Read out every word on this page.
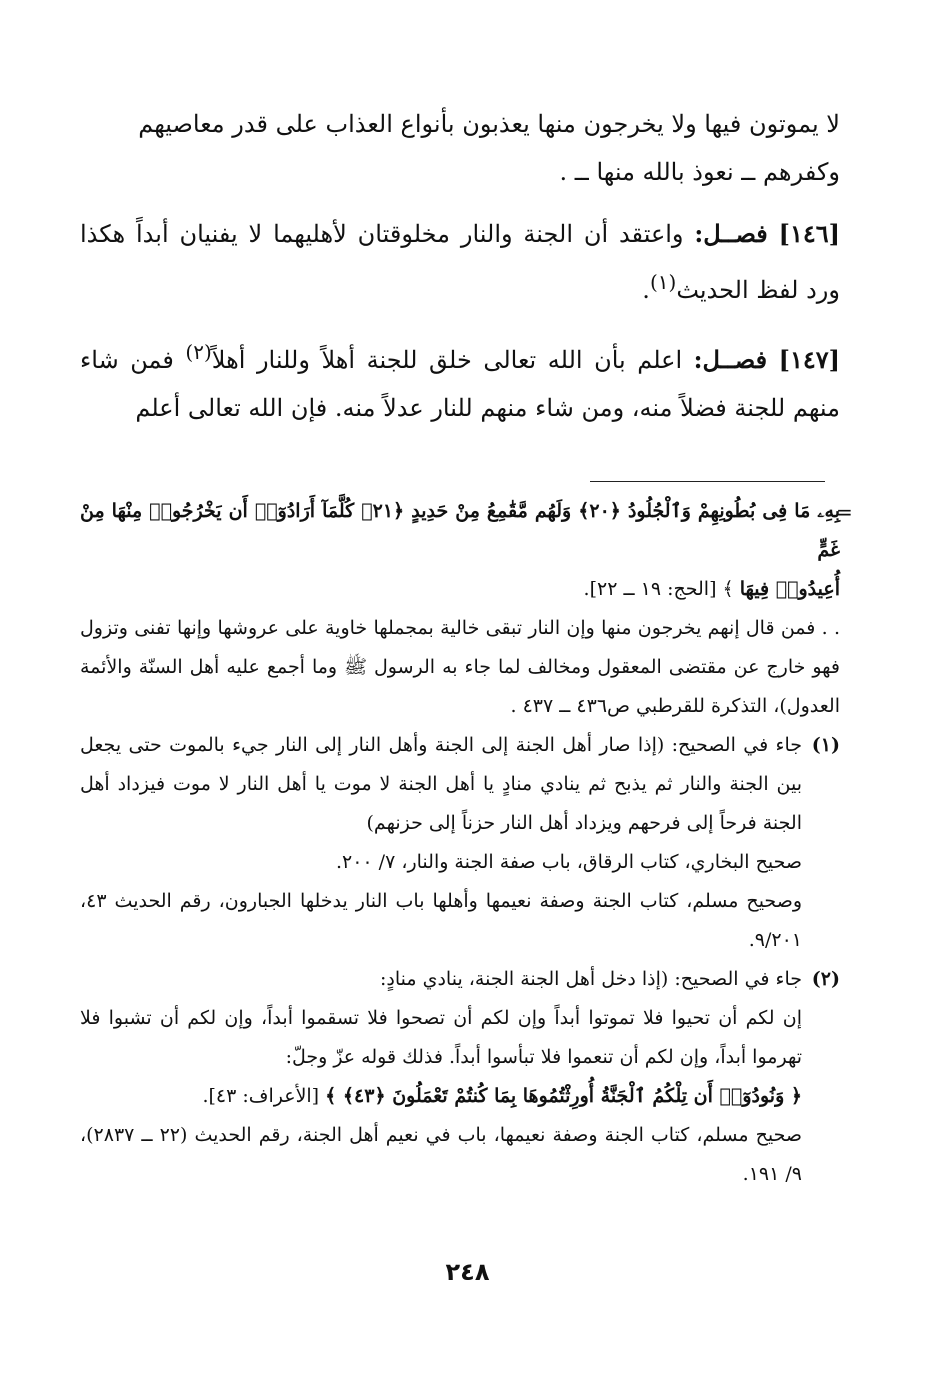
لا يموتون فيها ولا يخرجون منها يعذبون بأنواع العذاب على قدر معاصيهم
وكفرهم ــ نعوذ بالله منها ــ .

[١٤٦] فصــل: واعتقد أن الجنة والنار مخلوقتان لأهليهما لا يفنيان أبداً هكذا ورد لفظ الحديث$^{(١)}$.

[١٤٧] فصــل: اعلم بأن الله تعالى خلق للجنة أهلاً وللنار أهلاً$^{(٢)}$ فمن شاء منهم للجنة فضلاً منه، ومن شاء منهم للنار عدلاً منه. فإن الله تعالى أعلم

=

بِهِۦ مَا فِى بُطُونِهِمْ وَٱلْجُلُودُ ﴿٢٠﴾ وَلَهُم مَّقَٰمِعُ مِنْ حَدِيدٍ ﴿٢١﴾ كُلَّمَآ أَرَادُوٓا۟ أَن يَخْرُجُوا۟ مِنْهَا مِنْ غَمٍّ
أُعِيدُوا۟ فِيهَا ﴾ [الحج: ١٩ ــ ٢٢].

. . فمن قال إنهم يخرجون منها وإن النار تبقى خالية بمجملها خاوية على عروشها وإنها تفنى وتزول فهو خارج عن مقتضى المعقول ومخالف لما جاء به الرسول ﷺ وما أجمع عليه أهل السنّة والأئمة العدول)، التذكرة للقرطبي ص٤٣٦ ــ ٤٣٧ .

(١)

جاء في الصحيح: (إذا صار أهل الجنة إلى الجنة وأهل النار إلى النار جيء بالموت حتى يجعل بين الجنة والنار ثم يذبح ثم ينادي منادٍ يا أهل الجنة لا موت يا أهل النار لا موت فيزداد أهل الجنة فرحاً إلى فرحهم ويزداد أهل النار حزناً إلى حزنهم)

صحيح البخاري، كتاب الرقاق، باب صفة الجنة والنار، ٧/ ٢٠٠.

وصحيح مسلم، كتاب الجنة وصفة نعيمها وأهلها باب النار يدخلها الجبارون، رقم الحديث ٤٣، ٩/٢٠١.

(٢)

جاء في الصحيح: (إذا دخل أهل الجنة الجنة، ينادي منادٍ:

إن لكم أن تحيوا فلا تموتوا أبداً وإن لكم أن تصحوا فلا تسقموا أبداً، وإن لكم أن تشبوا فلا تهرموا أبداً، وإن لكم أن تنعموا فلا تبأسوا أبداً. فذلك قوله عزّ وجلّ:

﴿ وَنُودُوٓا۟ أَن تِلْكُمُ ٱلْجَنَّةُ أُورِثْتُمُوهَا بِمَا كُنتُمْ تَعْمَلُونَ ﴿٤٣﴾ ﴾ [الأعراف: ٤٣].

صحيح مسلم، كتاب الجنة وصفة نعيمها، باب في نعيم أهل الجنة، رقم الحديث (٢٢ ــ ٢٨٣٧)، ٩/ ١٩١.

٢٤٨
